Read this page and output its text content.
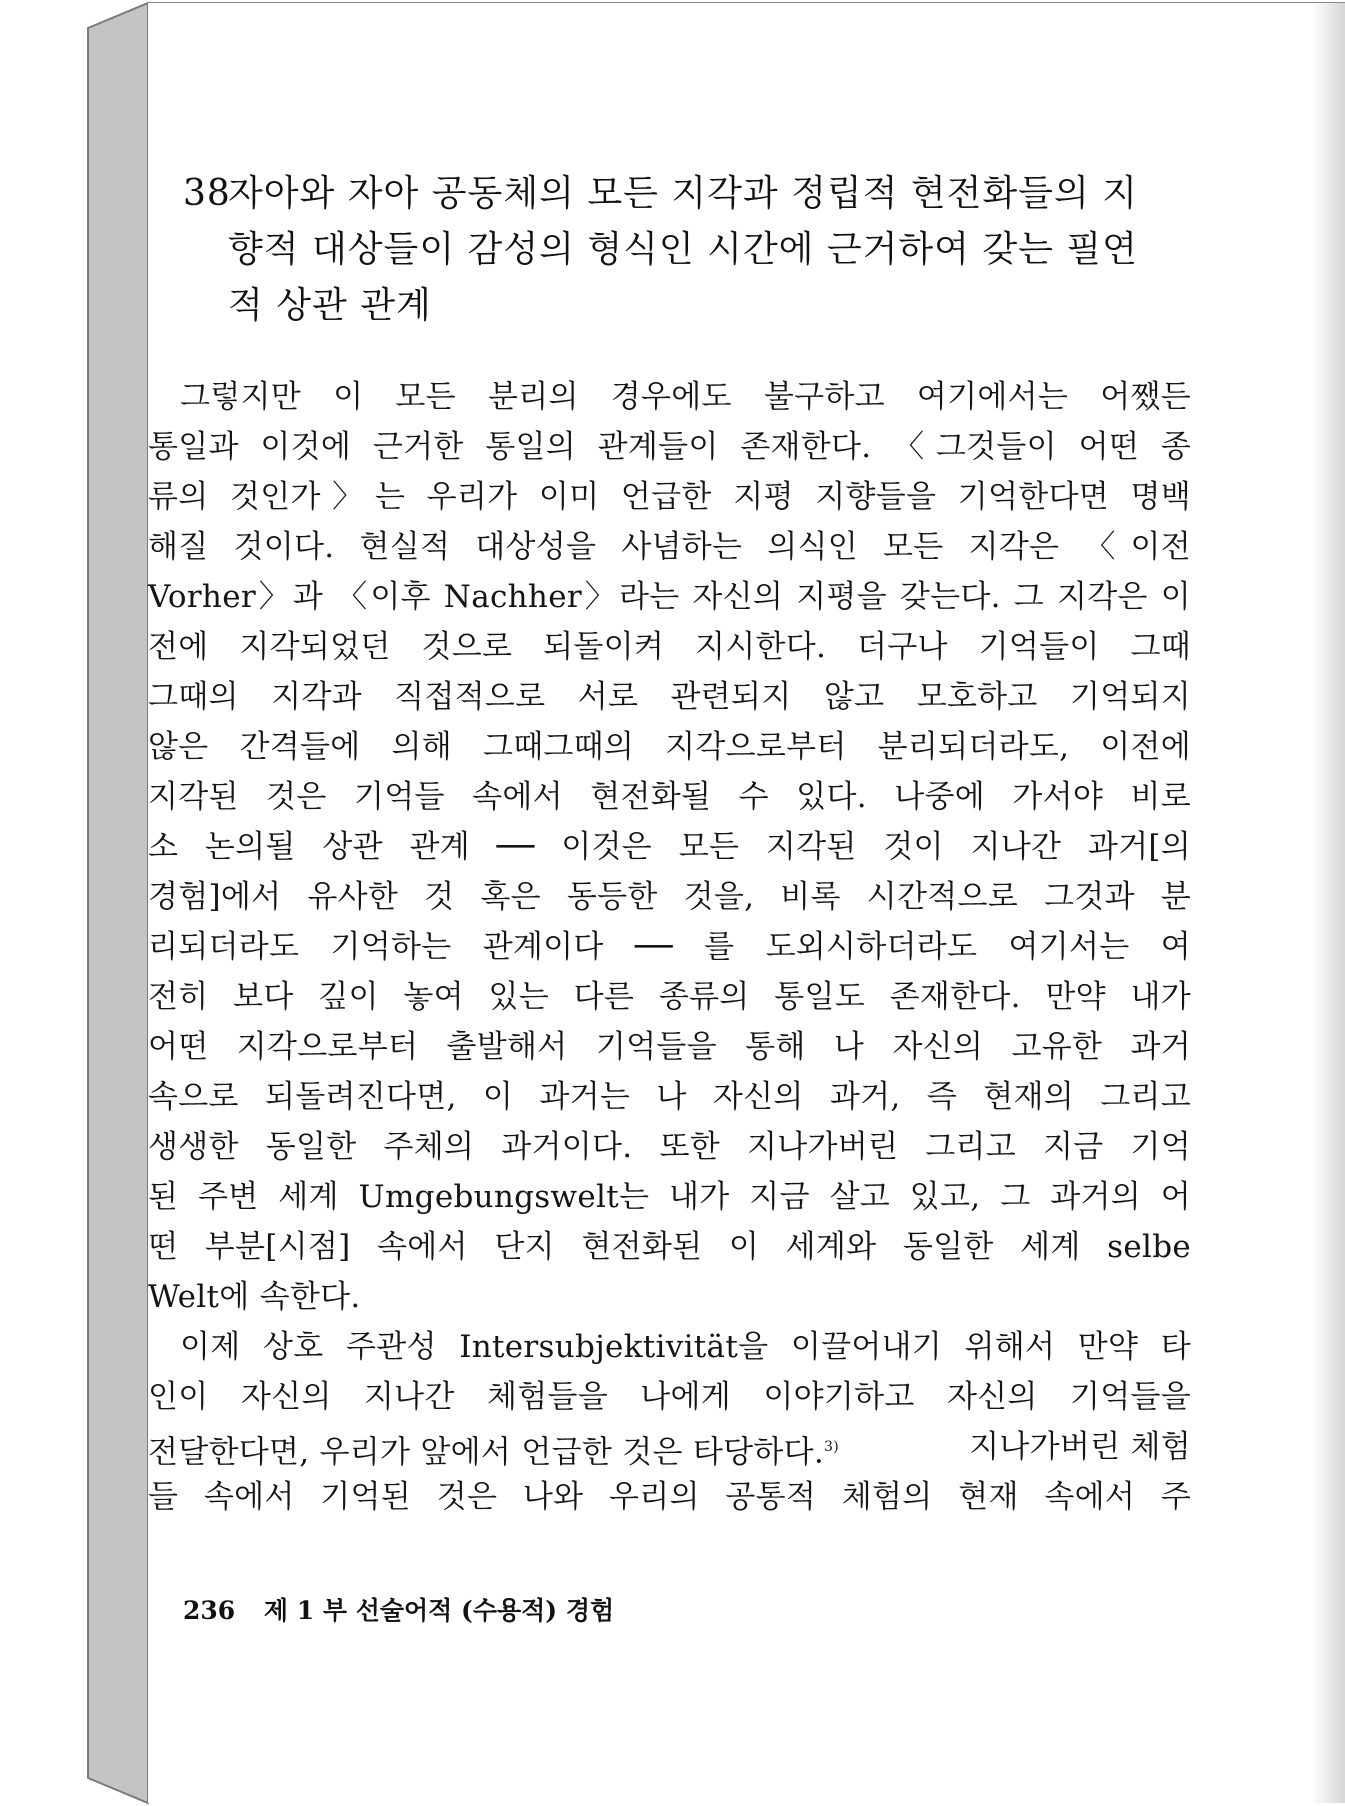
38
자아와 자아 공동체의 모든 지각과 정립적 현전화들의 지
향적 대상들이 감성의 형식인 시간에 근거하여 갖는 필연
적 상관 관계
그렇지만 이 모든 분리의 경우에도 불구하고 여기에서는 어쨌든
통일과 이것에 근거한 통일의 관계들이 존재한다. 〈그것들이 어떤 종
류의 것인가〉는 우리가 이미 언급한 지평 지향들을 기억한다면 명백
해질 것이다. 현실적 대상성을 사념하는 의식인 모든 지각은 〈이전
Vorher〉과 〈이후 Nachher〉라는 자신의 지평을 갖는다. 그 지각은 이
전에 지각되었던 것으로 되돌이켜 지시한다. 더구나 기억들이 그때
그때의 지각과 직접적으로 서로 관련되지 않고 모호하고 기억되지
않은 간격들에 의해 그때그때의 지각으로부터 분리되더라도, 이전에
지각된 것은 기억들 속에서 현전화될 수 있다. 나중에 가서야 비로
소 논의될 상관 관계 ── 이것은 모든 지각된 것이 지나간 과거[의
경험]에서 유사한 것 혹은 동등한 것을, 비록 시간적으로 그것과 분
리되더라도 기억하는 관계이다 ── 를 도외시하더라도 여기서는 여
전히 보다 깊이 놓여 있는 다른 종류의 통일도 존재한다. 만약 내가
어떤 지각으로부터 출발해서 기억들을 통해 나 자신의 고유한 과거
속으로 되돌려진다면, 이 과거는 나 자신의 과거, 즉 현재의 그리고
생생한 동일한 주체의 과거이다. 또한 지나가버린 그리고 지금 기억
된 주변 세계 Umgebungswelt는 내가 지금 살고 있고, 그 과거의 어
떤 부분[시점] 속에서 단지 현전화된 이 세계와 동일한 세계 selbe
Welt에 속한다.
이제 상호 주관성 Intersubjektivität을 이끌어내기 위해서 만약 타
인이 자신의 지나간 체험들을 나에게 이야기하고 자신의 기억들을
전달한다면, 우리가 앞에서 언급한 것은 타당하다.$^{3)}$	지나가버린 체험
들 속에서 기억된 것은 나와 우리의 공통적 체험의 현재 속에서 주
236 제 1 부 선술어적 (수용적) 경험
